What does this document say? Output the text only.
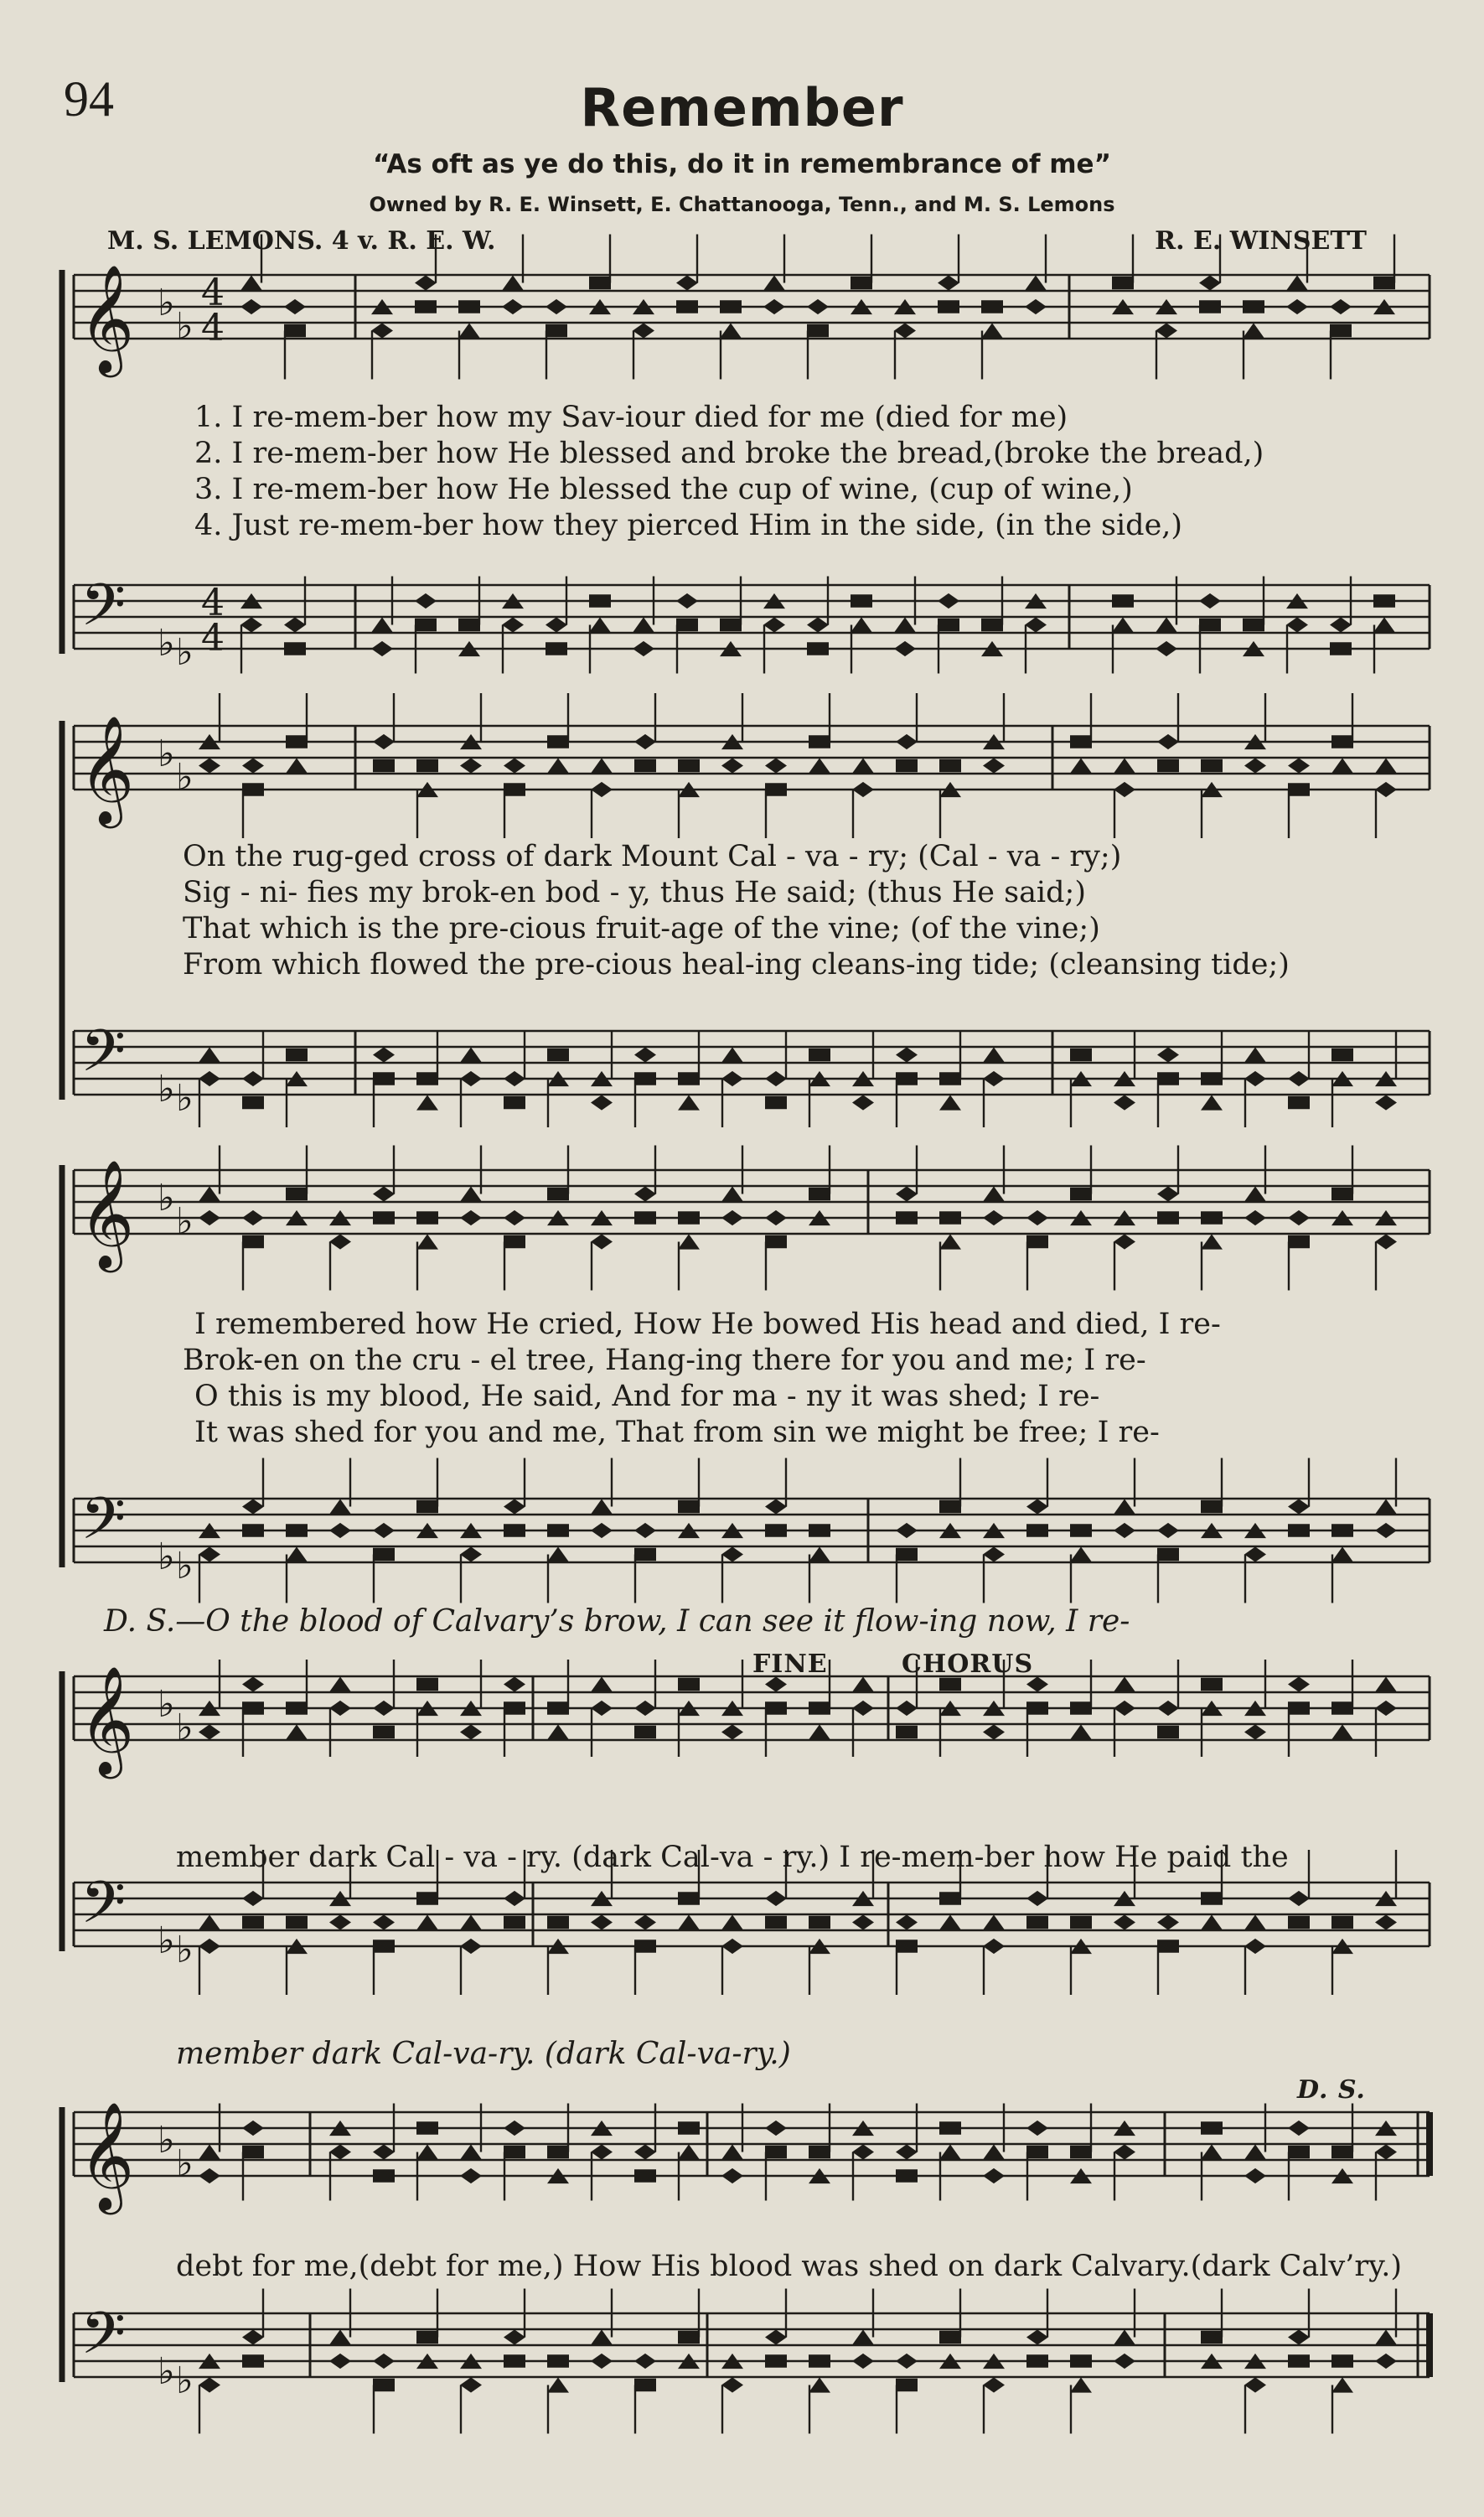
94	Remember
“As oft as ye do this, do it in remembrance of me”
Owned by R. E. Winsett, E. Chattanooga, Tenn., and M. S. Lemons
M. S. LEMONS. 4 v. R. E. W.	R. E. WINSETT
𝄞
𝄢
♭
♭
♭ ♭
4
4
4
4
𝄞
𝄢
♭
♭
♭ ♭
𝄞
𝄢
♭
♭
♭ ♭
𝄞
𝄢
♭
♭
♭ ♭
𝄞
𝄢
♭
♭
♭ ♭
1. I re-mem-ber how my Sav-iour died for me (died for me)
2. I re-mem-ber how He blessed and broke the bread,(broke the bread,)
3. I re-mem-ber how He blessed the cup of wine, (cup of wine,)
4. Just re-mem-ber how they pierced Him in the side, (in the side,)
On the rug-ged cross of dark Mount Cal - va - ry; (Cal - va - ry;)
Sig - ni- fies my brok-en bod - y, thus He said; (thus He said;)
That which is the pre-cious fruit-age of the vine; (of the vine;)
From which flowed the pre-cious heal-ing cleans-ing tide; (cleansing tide;)
I remembered how He cried, How He bowed His head and died, I re-
Brok-en on the cru - el tree, Hang-ing there for you and me; I re-
O this is my blood, He said, And for ma - ny it was shed; I re-
It was shed for you and me, That from sin we might be free; I re-
D. S.—O the blood of Calvary’s brow, I can see it flow-ing now, I re-
FINE	CHORUS
member dark Cal - va - ry. (dark Cal-va - ry.) I re-mem-ber how He paid the
member dark Cal-va-ry. (dark Cal-va-ry.)
D. S.
debt for me,(debt for me,) How His blood was shed on dark Calvary.(dark Calv’ry.)
